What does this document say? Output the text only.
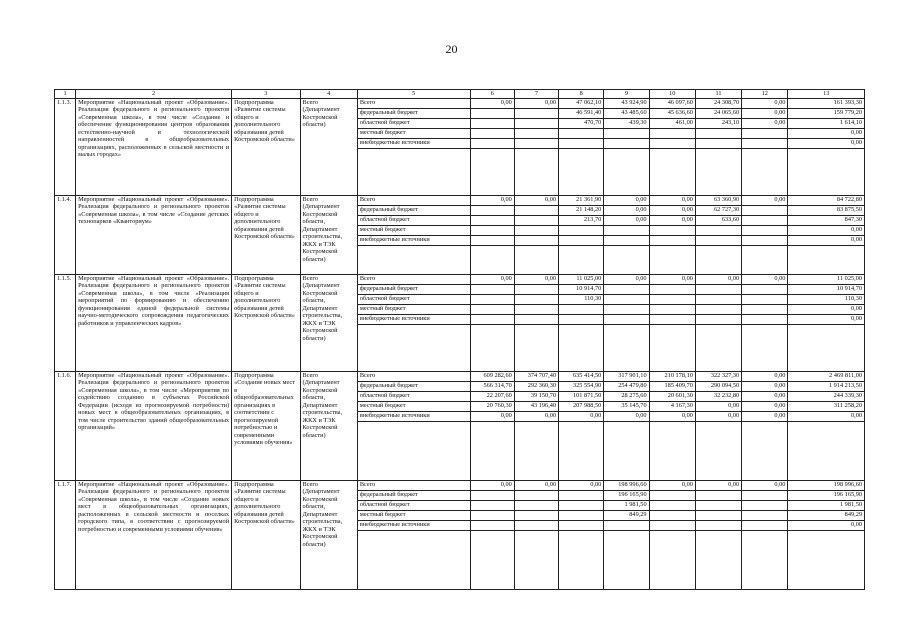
20
1	2	3	4	5	6	7	8	9	10	11	12	13
1.1.3.	Мероприятие «Национальный проект «Образование». Реализация федерального и регионального проектов «Современная школа», в том числе «Создание и обеспечение функционирования центров образования естественно-научной и технологической направленностей в общеобразовательных организациях, расположенных в сельской местности и малых городах»	Подпрограмма «Развитие системы общего и дополнительного образования детей Костромской области»	Всего (Департамент Костромской области)	Всего	0,00	0,00	47 062,10	43 924,90	46 097,60	24 308,70	0,00	161 393,30
				федеральный бюджет			46 591,40	43 485,60	45 636,60	24 065,60	0,00	159 779,20
				областной бюджет			470,70	439,30	461,00	243,10	0,00	1 614,10
				местный бюджет								0,00
				внебюджетные источники								0,00

1.1.4.	Мероприятие «Национальный проект «Образование». Реализация федерального и регионального проектов «Современная школа», в том числе «Создание детских технопарков «Кванториум»	Подпрограмма «Развитие системы общего и дополнительного образования детей Костромской области»	Всего (Департамент Костромской области, Департамент строительства, ЖКХ и ТЭК Костромской области)	Всего	0,00	0,00	21 361,90	0,00	0,00	63 360,90	0,00	84 722,80
				федеральный бюджет			21 148,20	0,00	0,00	62 727,30		83 875,50
				областной бюджет			213,70	0,00	0,00	633,60		847,30
				местный бюджет								0,00
				внебюджетные источники								0,00

1.1.5.	Мероприятие «Национальный проект «Образование». Реализация федерального и регионального проектов «Современная школа», в том числе «Реализация мероприятий по формированию и обеспечению функционирования единой федеральной системы научно-методического сопровождения педагогических работников и управленческих кадров»	Подпрограмма «Развитие системы общего и дополнительного образования детей Костромской области»	Всего (Департамент Костромской области, Департамент строительства, ЖКХ и ТЭК Костромской области)	Всего	0,00	0,00	11 025,00	0,00	0,00	0,00	0,00	11 025,00
				федеральный бюджет			10 914,70					10 914,70
				областной бюджет			110,30					110,30
				местный бюджет								0,00
				внебюджетные источники								0,00

1.1.6.	Мероприятие «Национальный проект «Образование». Реализация федерального и регионального проектов «Современная школа», в том числе «Мероприятия по содействию созданию в субъектах Российской Федерации (исходя из прогнозируемой потребности) новых мест в общеобразовательных организациях, в том числе строительство зданий общеобразовательных организаций»	Подпрограмма «Создание новых мест в общеобразовательных организациях в соответствии с прогнозируемой потребностью и современными условиями обучения»	Всего (Департамент Костромской области, Департамент строительства, ЖКХ и ТЭК Костромской области)	Всего	609 282,60	374 707,40	635 414,50	317 901,10	210 178,10	322 327,30	0,00	2 469 811,00
				федеральный бюджет	566 314,70	292 360,30	325 554,90	254 479,80	185 409,70	290 094,50	0,00	1 914 213,50
				областной бюджет	22 207,60	39 150,70	101 871,50	28 275,60	20 601,30	32 232,80	0,00	244 339,30
				местный бюджет	20 760,30	43 196,40	207 988,50	35 145,70	4 167,30	0,00	0,00	311 258,20
				внебюджетные источники	0,00	0,00	0,00	0,00	0,00	0,00	0,00	0,00

1.1.7.	Мероприятие «Национальный проект «Образование». Реализация федерального и регионального проектов «Современная школа», в том числе «Создание новых мест в общеобразовательных организациях, расположенных в сельской местности и поселках городского типа, в соответствии с прогнозируемой потребностью и современными условиями обучения»	Подпрограмма «Развитие системы общего и дополнительного образования детей Костромской области»	Всего (Департамент Костромской области, Департамент строительства, ЖКХ и ТЭК Костромской области)	Всего	0,00	0,00	0,00	198 996,60	0,00	0,00	0,00	198 996,60
				федеральный бюджет				196 165,90				196 165,90
				областной бюджет				1 981,50				1 981,50
				местный бюджет				849,29				849,29
				внебюджетные источники								0,00
